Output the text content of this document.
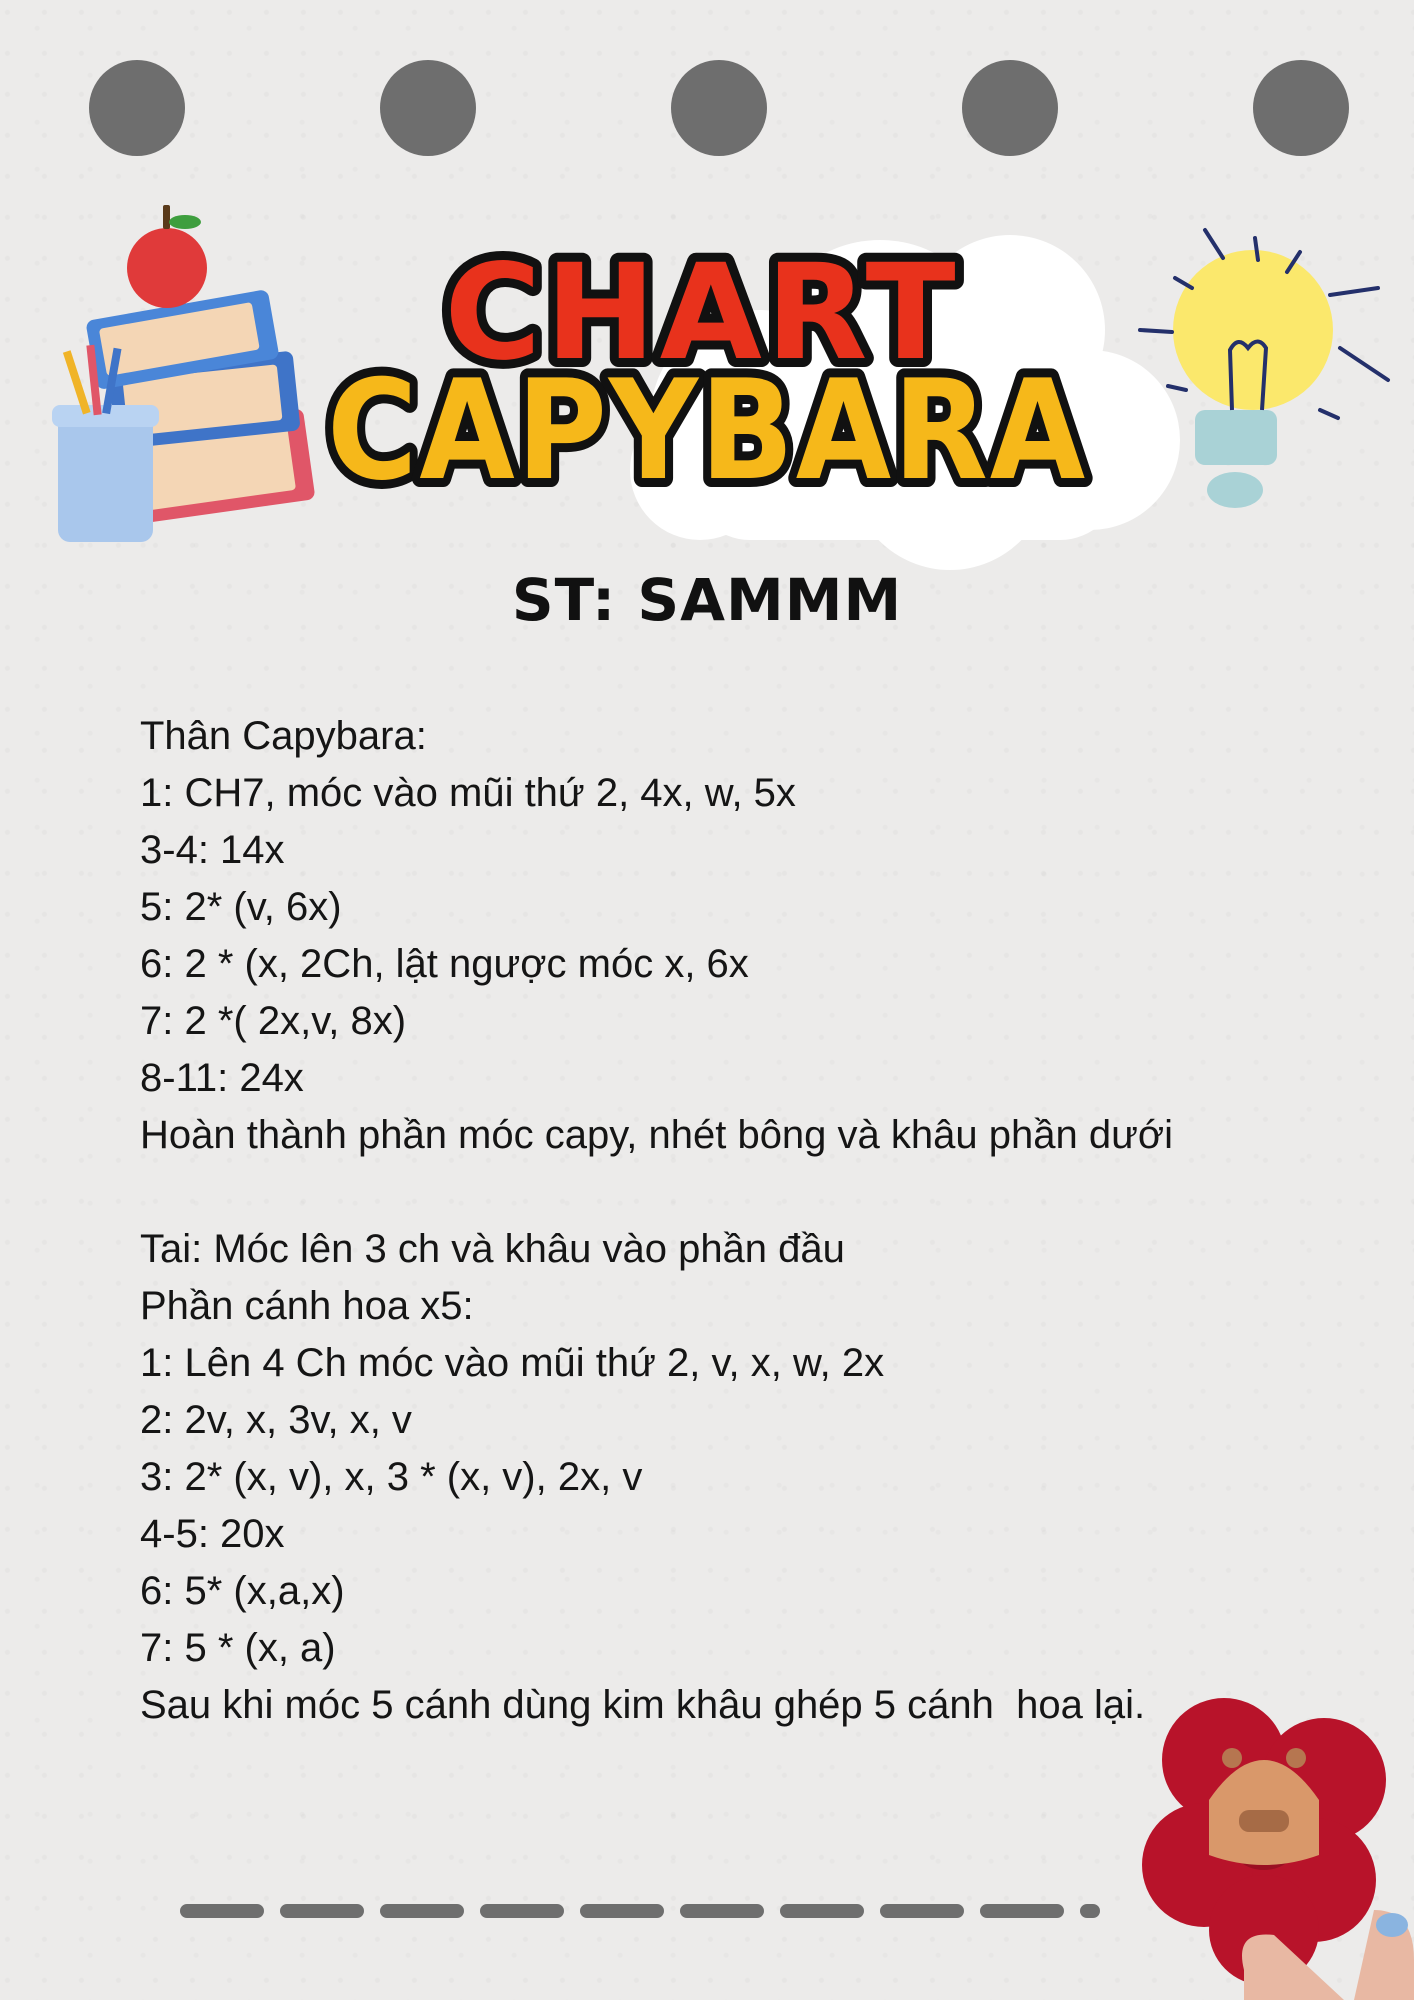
CHART
CAPYBARA
ST: SAMMM
Thân Capybara:
1: CH7, móc vào mũi thứ 2, 4x, w, 5x
3-4: 14x
5: 2* (v, 6x)
6: 2 * (x, 2Ch, lật ngược móc x, 6x
7: 2 *( 2x,v, 8x)
8-11: 24x
Hoàn thành phần móc capy, nhét bông và khâu phần dưới
Tai: Móc lên 3 ch và khâu vào phần đầu
Phần cánh hoa x5:
1: Lên 4 Ch móc vào mũi thứ 2, v, x, w, 2x
2: 2v, x, 3v, x, v
3: 2* (x, v), x, 3 * (x, v), 2x, v
4-5: 20x
6: 5* (x,a,x)
7: 5 * (x, a)
Sau khi móc 5 cánh dùng kim khâu ghép 5 cánh  hoa lại.
